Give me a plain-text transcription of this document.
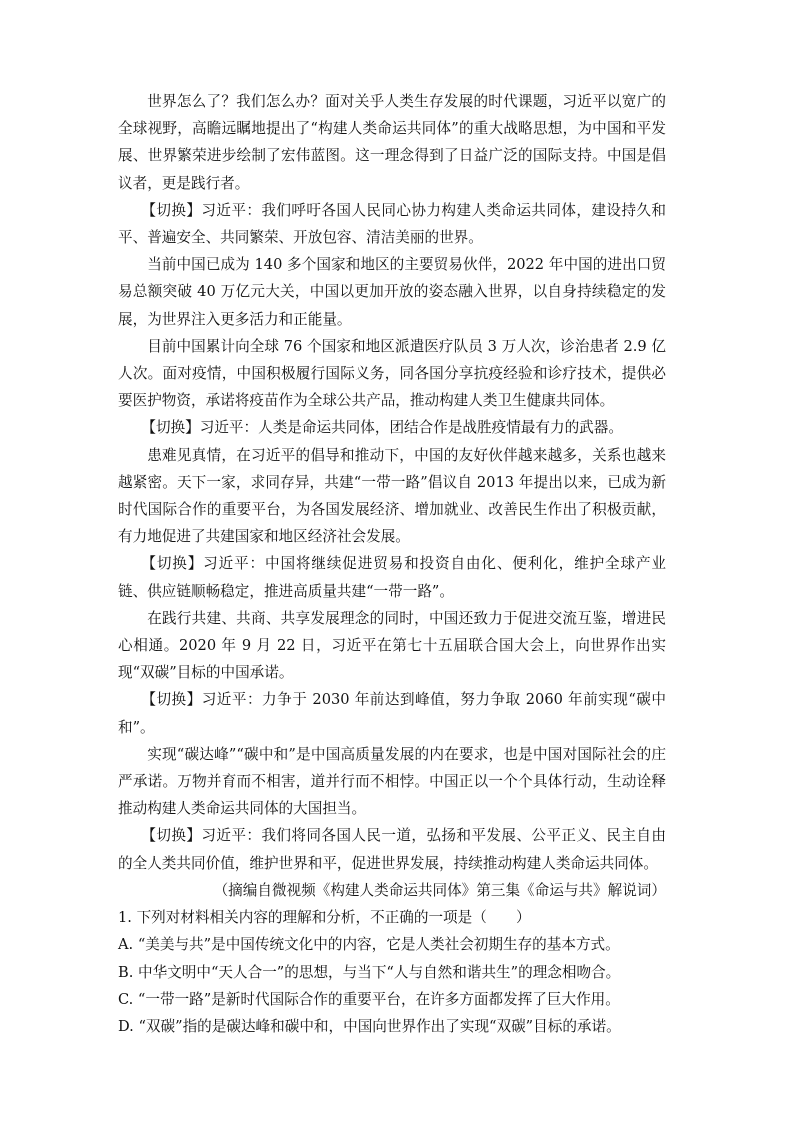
世界怎么了？我们怎么办？面对关乎人类生存发展的时代课题，习近平以宽广的全球视野，高瞻远瞩地提出了“构建人类命运共同体”的重大战略思想，为中国和平发展、世界繁荣进步绘制了宏伟蓝图。这一理念得到了日益广泛的国际支持。中国是倡议者，更是践行者。

【切换】习近平：我们呼吁各国人民同心协力构建人类命运共同体，建设持久和平、普遍安全、共同繁荣、开放包容、清洁美丽的世界。

当前中国已成为 140 多个国家和地区的主要贸易伙伴，2022 年中国的进出口贸易总额突破 40 万亿元大关，中国以更加开放的姿态融入世界，以自身持续稳定的发展，为世界注入更多活力和正能量。

目前中国累计向全球 76 个国家和地区派遣医疗队员 3 万人次，诊治患者 2.9 亿人次。面对疫情，中国积极履行国际义务，同各国分享抗疫经验和诊疗技术，提供必要医护物资，承诺将疫苗作为全球公共产品，推动构建人类卫生健康共同体。

【切换】习近平：人类是命运共同体，团结合作是战胜疫情最有力的武器。

患难见真情，在习近平的倡导和推动下，中国的友好伙伴越来越多，关系也越来越紧密。天下一家，求同存异，共建“一带一路”倡议自 2013 年提出以来，已成为新时代国际合作的重要平台，为各国发展经济、增加就业、改善民生作出了积极贡献，有力地促进了共建国家和地区经济社会发展。

【切换】习近平：中国将继续促进贸易和投资自由化、便利化，维护全球产业链、供应链顺畅稳定，推进高质量共建“一带一路”。

在践行共建、共商、共享发展理念的同时，中国还致力于促进交流互鉴，增进民心相通。2020 年 9 月 22 日，习近平在第七十五届联合国大会上，向世界作出实现“双碳”目标的中国承诺。

【切换】习近平：力争于 2030 年前达到峰值，努力争取 2060 年前实现“碳中和”。

实现“碳达峰”“碳中和”是中国高质量发展的内在要求，也是中国对国际社会的庄严承诺。万物并育而不相害，道并行而不相悖。中国正以一个个具体行动，生动诠释推动构建人类命运共同体的大国担当。

【切换】习近平：我们将同各国人民一道，弘扬和平发展、公平正义、民主自由的全人类共同价值，维护世界和平，促进世界发展，持续推动构建人类命运共同体。

（摘编自微视频《构建人类命运共同体》第三集《命运与共》解说词）

1. 下列对材料相关内容的理解和分析，不正确的一项是（　　）

A. “美美与共”是中国传统文化中的内容，它是人类社会初期生存的基本方式。

B. 中华文明中“天人合一”的思想，与当下“人与自然和谐共生”的理念相吻合。

C. “一带一路”是新时代国际合作的重要平台，在许多方面都发挥了巨大作用。

D. “双碳”指的是碳达峰和碳中和，中国向世界作出了实现“双碳”目标的承诺。
